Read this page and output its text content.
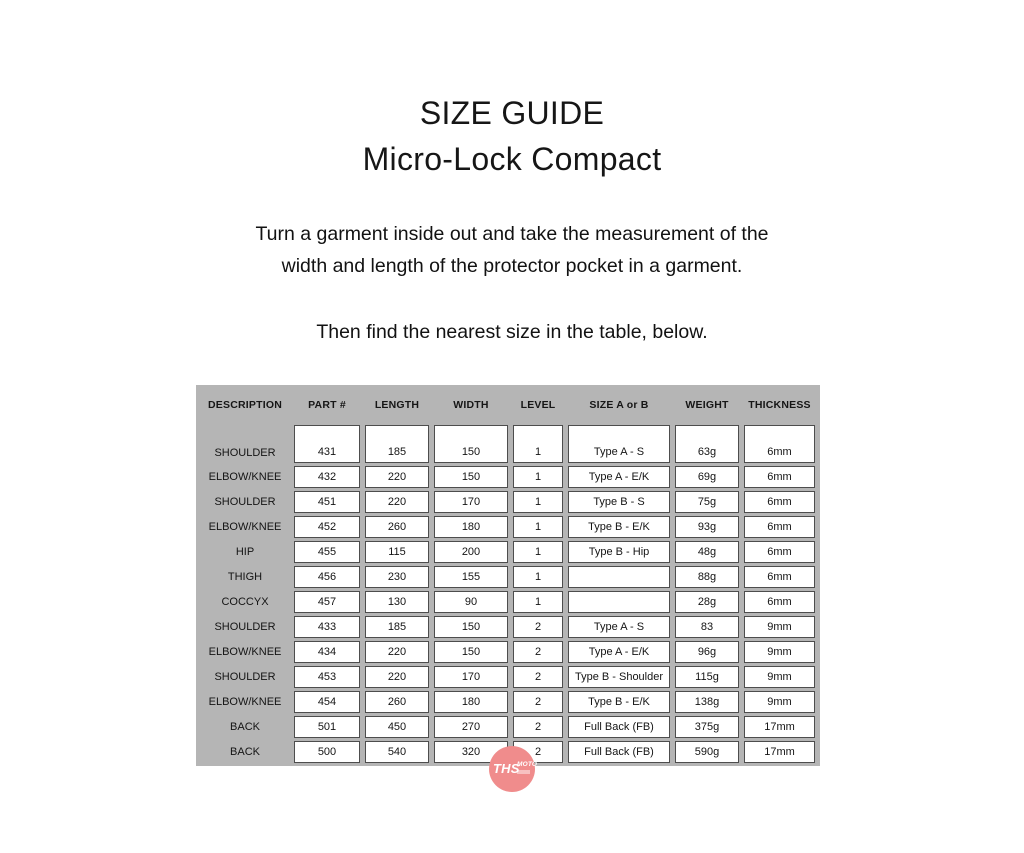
SIZE GUIDE
Micro-Lock Compact
Turn a garment inside out and take the measurement of the
width and length of the protector pocket in a garment.
Then find the nearest size in the table, below.
DESCRIPTION	PART #	LENGTH	WIDTH	LEVEL	SIZE A or B	WEIGHT	THICKNESS
SHOULDER	431	185	150	1	Type A - S	63g	6mm
ELBOW/KNEE	432	220	150	1	Type A - E/K	69g	6mm
SHOULDER	451	220	170	1	Type B - S	75g	6mm
ELBOW/KNEE	452	260	180	1	Type B - E/K	93g	6mm
HIP	455	115	200	1	Type B - Hip	48g	6mm
THIGH	456	230	155	1		88g	6mm
COCCYX	457	130	90	1		28g	6mm
SHOULDER	433	185	150	2	Type A - S	83	9mm
ELBOW/KNEE	434	220	150	2	Type A - E/K	96g	9mm
SHOULDER	453	220	170	2	Type B - Shoulder	115g	9mm
ELBOW/KNEE	454	260	180	2	Type B - E/K	138g	9mm
BACK	501	450	270	2	Full Back (FB)	375g	17mm
BACK	500	540	320	2	Full Back (FB)	590g	17mm
THS
MOTO
